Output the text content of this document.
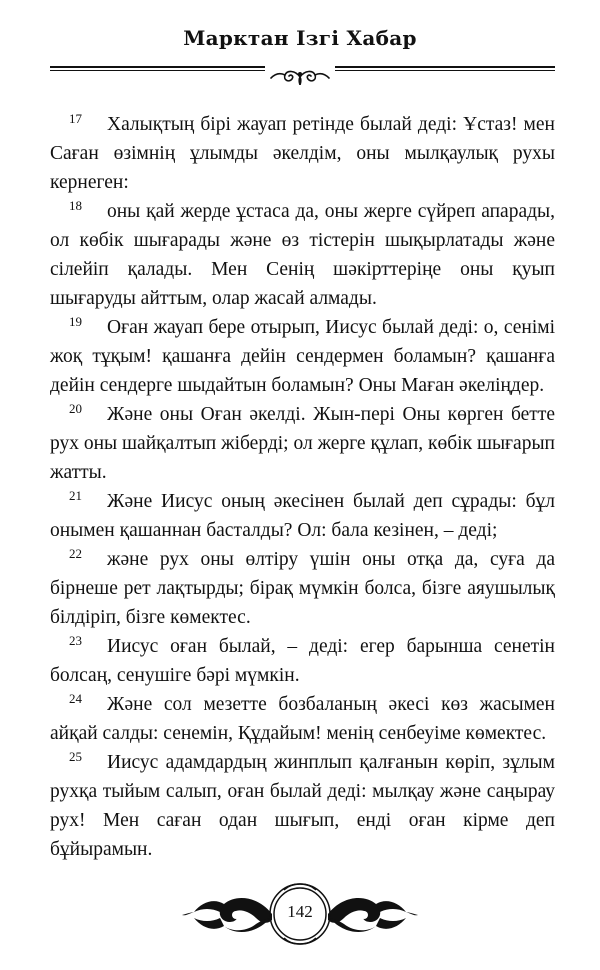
Марктан Ізгі Хабар

17 Халықтың бірі жауап ретінде былай деді: Ұстаз! мен Саған өзімнің ұлымды әкелдім, оны мылқаулық рухы кернеген:

18 оны қай жерде ұстаса да, оны жерге сүйреп апарады, ол көбік шығарады және өз тістерін шықырлатады және сілейіп қалады. Мен Сенің шәкірттеріңе оны қуып шығаруды айттым, олар жасай алмады.

19 Оған жауап бере отырып, Иисус былай деді: о, сенімі жоқ тұқым! қашанға дейін сендермен боламын? қашанға дейін сендерге шыдайтын боламын? Оны Маған әкеліңдер.

20 Және оны Оған әкелді. Жын-пері Оны көрген бетте рух оны шайқалтып жіберді; ол жерге құлап, көбік шығарып жатты.

21 Және Иисус оның әкесінен былай деп сұрады: бұл онымен қашаннан басталды? Ол: бала кезінен, – деді;

22 және рух оны өлтіру үшін оны отқа да, суға да бірнеше рет лақтырды; бірақ мүмкін болса, бізге аяушылық білдіріп, бізге көмектес.

23 Иисус оған былай, – деді: егер барынша сенетін болсаң, сенушіге бәрі мүмкін.

24 Және сол мезетте бозбаланың әкесі көз жасымен айқай салды: сенемін, Құдайым! менің сенбеуіме көмектес.

25 Иисус адамдардың жинплып қалғанын көріп, зұлым рухқа тыйым салып, оған былай деді: мылқау және саңырау рух! Мен саған одан шығып, енді оған кірме деп бұйырамын.

142
